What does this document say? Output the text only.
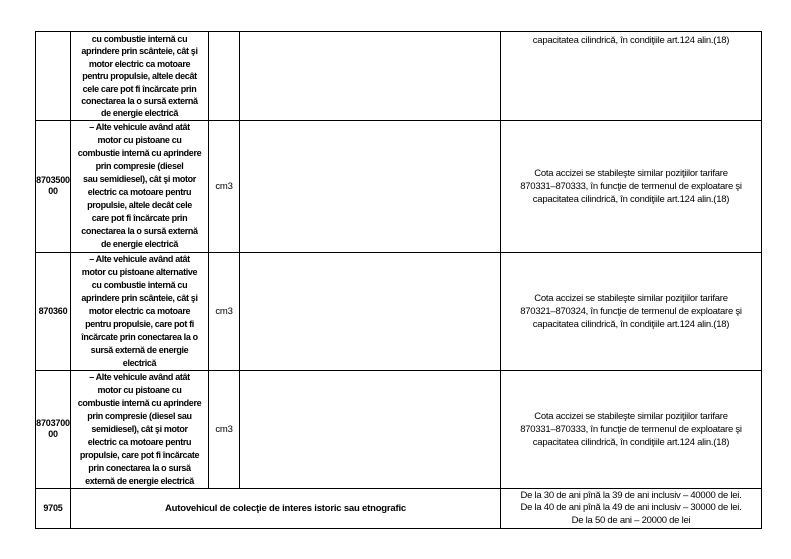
	cu combustie internă cu
aprindere prin scânteie, cât şi
motor electric ca motoare
pentru propulsie, altele decât
cele care pot fi încărcate prin
conectarea la o sursă externă
de energie electrică			capacitatea cilindrică, în condiţiile art.124 alin.(18)
8703500
00	– Alte vehicule având atât
motor cu pistoane cu
combustie internă cu aprindere
prin compresie (diesel
sau semidiesel), cât şi motor
electric ca motoare pentru
propulsie, altele decât cele
care pot fi încărcate prin
conectarea la o sursă externă
de energie electrică	cm3		Cota accizei se stabileşte similar poziţiilor tarifare
870331–870333, în funcţie de termenul de exploatare şi
capacitatea cilindrică, în condiţiile art.124 alin.(18)
870360	– Alte vehicule având atât
motor cu pistoane alternative
cu combustie internă cu
aprindere prin scânteie, cât şi
motor electric ca motoare
pentru propulsie, care pot fi
încărcate prin conectarea la o
sursă externă de energie
electrică	cm3		Cota accizei se stabileşte similar poziţiilor tarifare
870321–870324, în funcţie de termenul de exploatare şi
capacitatea cilindrică, în condiţiile art.124 alin.(18)
8703700
00	– Alte vehicule având atât
motor cu pistoane cu
combustie internă cu aprindere
prin compresie (diesel sau
semidiesel), cât şi motor
electric ca motoare pentru
propulsie, care pot fi încărcate
prin conectarea la o sursă
externă de energie electrică	cm3		Cota accizei se stabileşte similar poziţiilor tarifare
870331–870333, în funcţie de termenul de exploatare şi
capacitatea cilindrică, în condiţiile art.124 alin.(18)
9705	Autovehicul de colecţie de interes istoric sau etnografic			De la 30 de ani pînă la 39 de ani inclusiv – 40000 de lei.
De la 40 de ani pînă la 49 de ani inclusiv – 30000 de lei.
De la 50 de ani – 20000 de lei
